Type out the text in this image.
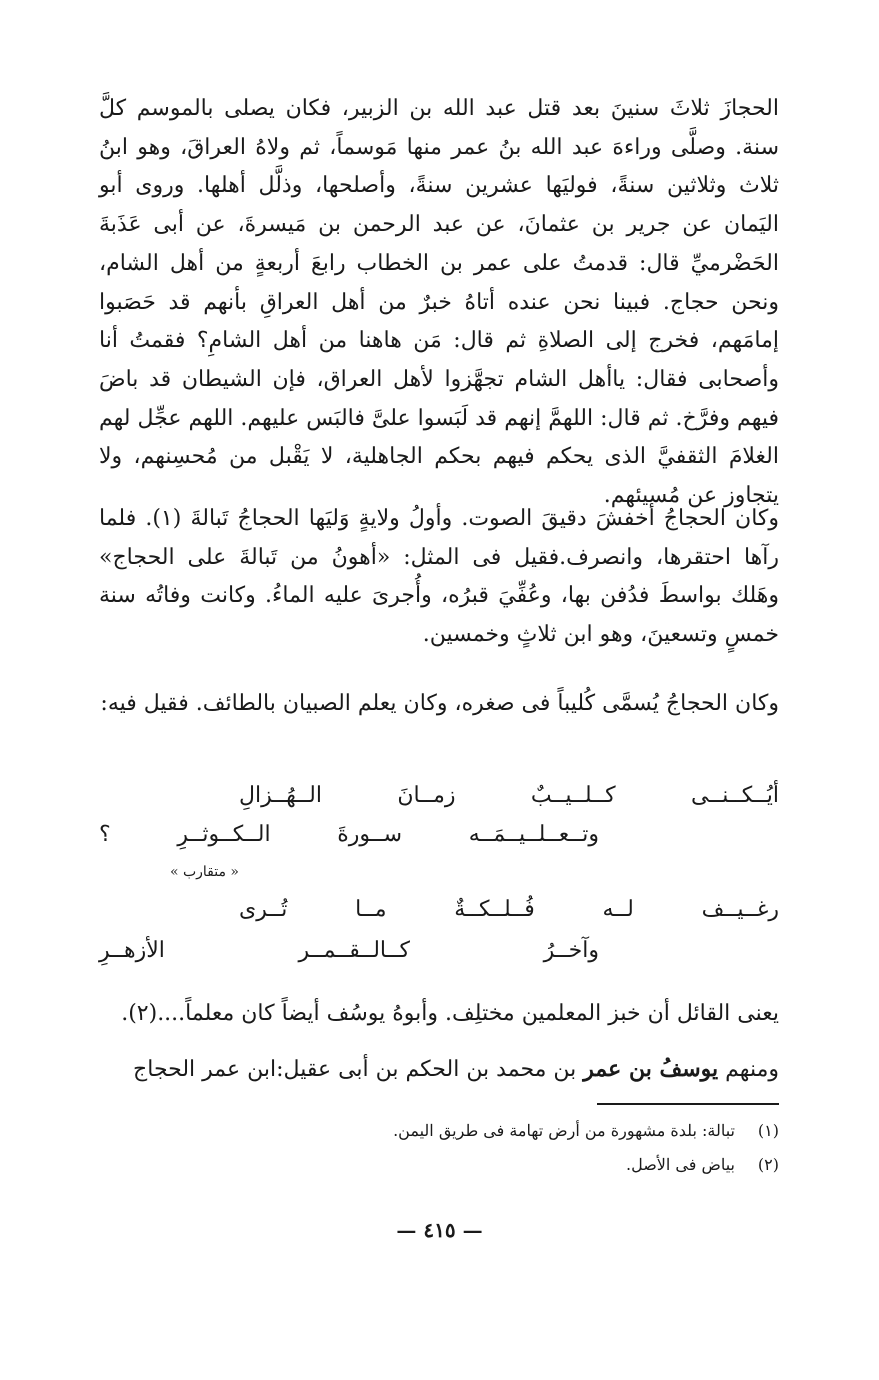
الحجازَ ثلاثَ سنينَ بعد قتل عبد الله بن الزبير، فكان يصلى بالموسم كلَّ سنة. وصلَّى وراءهَ عبد الله بنُ عمر منها مَوسماً، ثم ولاهُ العراقَ، وهو ابنُ ثلاث وثلاثين سنةً، فوليَها عشرين سنةً، وأصلحها، وذلَّل أهلها. وروى أبو اليَمان عن جرير بن عثمانَ، عن عبد الرحمن بن مَيسرةَ، عن أبى عَذَبةَ الحَضْرميِّ قال: قدمتُ على عمر بن الخطاب رابعَ أربعةٍ من أهل الشام، ونحن حجاج. فبينا نحن عنده أتاهُ خبرٌ من أهل العراقِ بأنهم قد حَصَبوا إمامَهم، فخرج إلى الصلاةِ ثم قال: مَن هاهنا من أهل الشامِ؟ فقمتُ أنا وأصحابى فقال: ياأهل الشام تجهَّزوا لأهل العراق، فإن الشيطان قد باضَ فيهم وفرَّخ. ثم قال: اللهمَّ إنهم قد لَبَسوا علىَّ فالبَس عليهم. اللهم عجِّل لهم الغلامَ الثقفيَّ الذى يحكم فيهم بحكم الجاهلية، لا يَقْبل من مُحسِنهم، ولا يتجاوز عن مُسيئهم.

وكان الحجاجُ أخفشَ دقيقَ الصوت. وأولُ ولايةٍ وَليَها الحجاجُ تَبالةَ (١). فلما رآها احتقرها، وانصرف.فقيل فى المثل: «أهونُ من تَبالةَ على الحجاج» وهَلك بواسطَ فدُفن بها، وعُفِّيَ قبرُه، وأُجرىَ عليه الماءُ. وكانت وفاتُه سنة خمسٍ وتسعينَ، وهو ابن ثلاثٍ وخمسين.

وكان الحجاجُ يُسمَّى كُليباً فى صغره، وكان يعلم الصبيان بالطائف. فقيل فيه:

أيُــكــنــى كــلــيــبٌ زمــانَ الــهُــزالِ

وتــعــلــيــمَــه ســورةَ الــكــوثــرِ ؟

« متقارب »

رغــيــف لــه فُــلــكــةٌ مــا تُــرى

وآخــرُ كــالــقــمــر الأزهــرِ

يعنى القائل أن خبز المعلمين مختلِف. وأبوهُ يوسُف أيضاً كان معلماً....(٢).

ومنهم يوسفُ بن عمر بن محمد بن الحكم بن أبى عقيل:ابن عمر الحجاج

(١)تبالة: بلدة مشهورة من أرض تهامة فى طريق اليمن.

(٢)بياض فى الأصل.

— ٤١٥ —
